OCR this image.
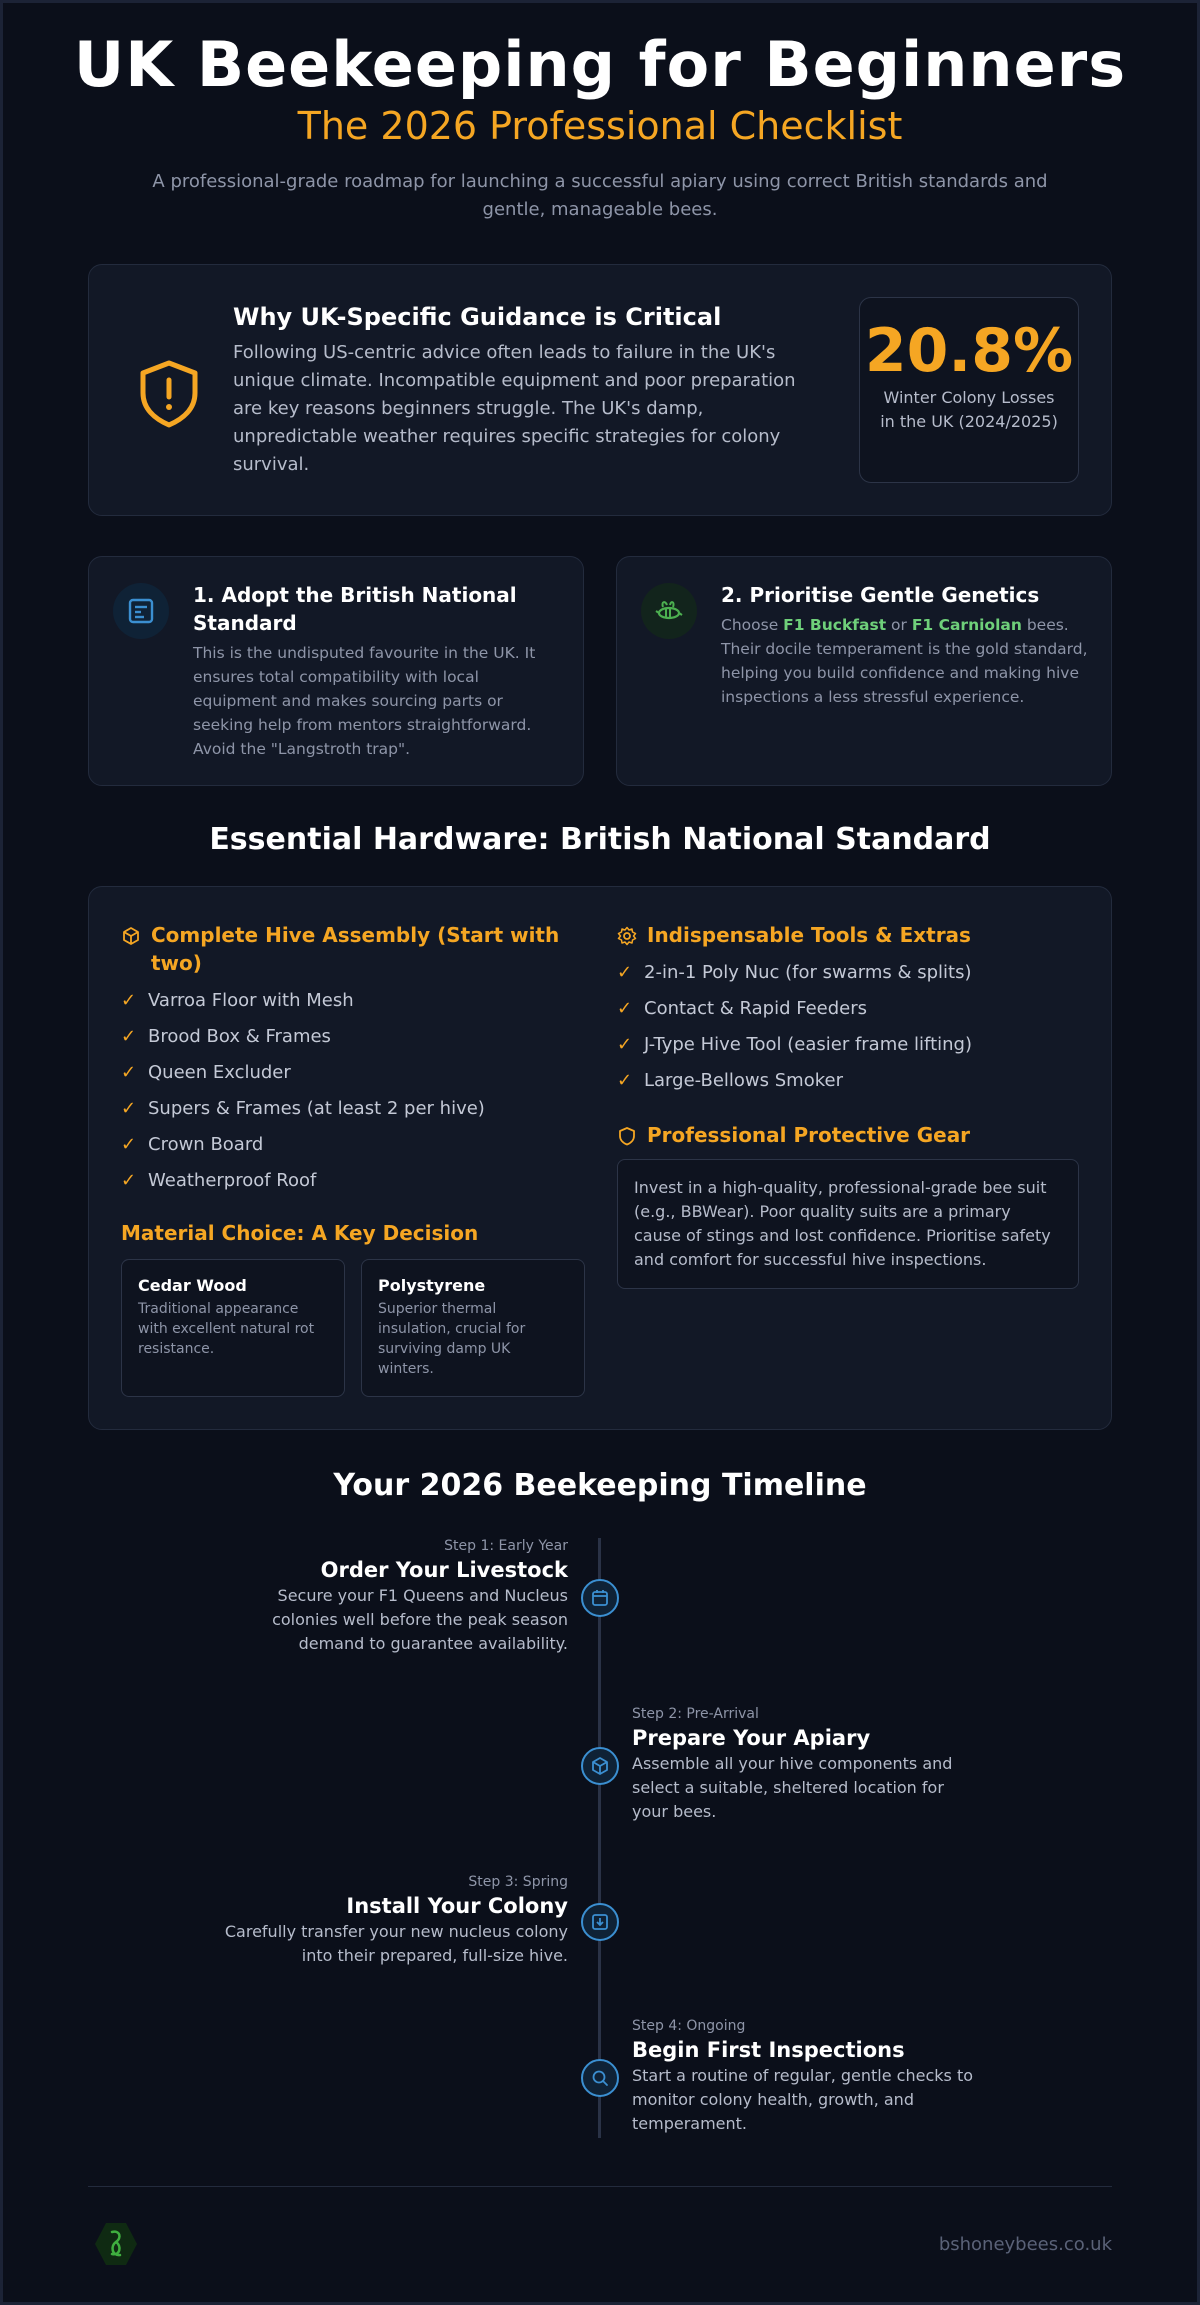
UK Beekeeping for Beginners
The 2026 Professional Checklist
A professional-grade roadmap for launching a successful apiary using correct British standards and gentle, manageable bees.
Why UK-Specific Guidance is Critical
Following US-centric advice often leads to failure in the UK's unique climate. Incompatible equipment and poor preparation are key reasons beginners struggle. The UK's damp, unpredictable weather requires specific strategies for colony survival.
20.8%
Winter Colony Losses in the UK (2024/2025)
1. Adopt the British National Standard
This is the undisputed favourite in the UK. It ensures total compatibility with local equipment and makes sourcing parts or seeking help from mentors straightforward. Avoid the "Langstroth trap".
2. Prioritise Gentle Genetics
Choose F1 Buckfast or F1 Carniolan bees. Their docile temperament is the gold standard, helping you build confidence and making hive inspections a less stressful experience.
Essential Hardware: British National Standard
Complete Hive Assembly (Start with two)
✓ Varroa Floor with Mesh
✓ Brood Box & Frames
✓ Queen Excluder
✓ Supers & Frames (at least 2 per hive)
✓ Crown Board
✓ Weatherproof Roof
Material Choice: A Key Decision
Cedar Wood
Traditional appearance with excellent natural rot resistance.
Polystyrene
Superior thermal insulation, crucial for surviving damp UK winters.
Indispensable Tools & Extras
✓ 2-in-1 Poly Nuc (for swarms & splits)
✓ Contact & Rapid Feeders
✓ J-Type Hive Tool (easier frame lifting)
✓ Large-Bellows Smoker
Professional Protective Gear
Invest in a high-quality, professional-grade bee suit (e.g., BBWear). Poor quality suits are a primary cause of stings and lost confidence. Prioritise safety and comfort for successful hive inspections.
Your 2026 Beekeeping Timeline
Step 1: Early Year
Order Your Livestock
Secure your F1 Queens and Nucleus colonies well before the peak season demand to guarantee availability.
Step 2: Pre-Arrival
Prepare Your Apiary
Assemble all your hive components and select a suitable, sheltered location for your bees.
Step 3: Spring
Install Your Colony
Carefully transfer your new nucleus colony into their prepared, full-size hive.
Step 4: Ongoing
Begin First Inspections
Start a routine of regular, gentle checks to monitor colony health, growth, and temperament.
bshoneybees.co.uk
